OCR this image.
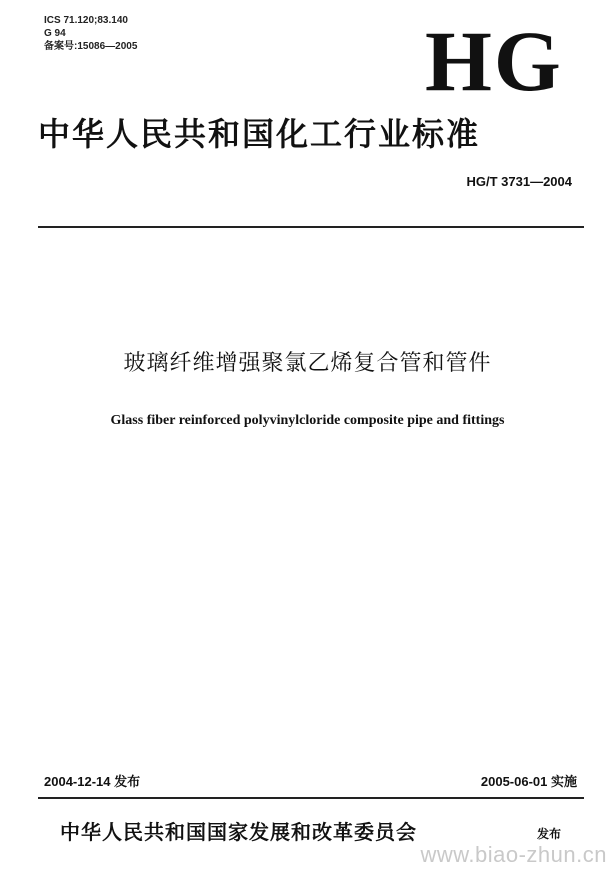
ICS 71.120;83.140
G 94
备案号:15086—2005	HG
中华人民共和国化工行业标准
HG/T 3731—2004
玻璃纤维增强聚氯乙烯复合管和管件
Glass fiber reinforced polyvinylcloride composite pipe and fittings
2004-12-14 发布	2005-06-01 实施
中华人民共和国国家发展和改革委员会	发布
www.biao-zhun.cn
